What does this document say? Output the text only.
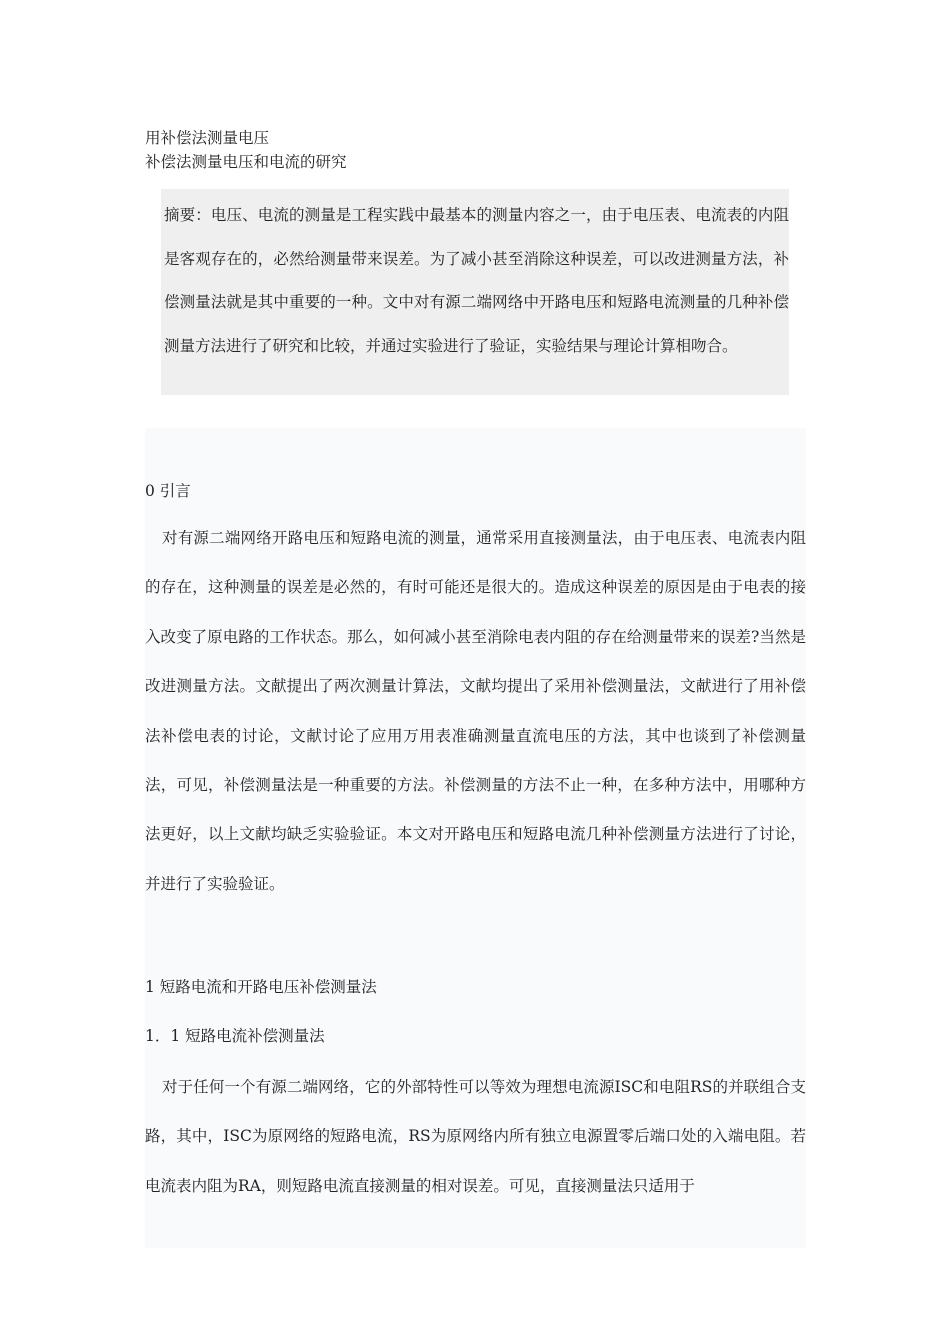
用补偿法测量电压
补偿法测量电压和电流的研究
摘要：电压、电流的测量是工程实践中最基本的测量内容之一，由于电压表、电流表的内阻是客观存在的，必然给测量带来误差。为了减小甚至消除这种误差，可以改进测量方法，补偿测量法就是其中重要的一种。文中对有源二端网络中开路电压和短路电流测量的几种补偿测量方法进行了研究和比较，并通过实验进行了验证，实验结果与理论计算相吻合。
0 引言

对有源二端网络开路电压和短路电流的测量，通常采用直接测量法，由于电压表、电流表内阻的存在，这种测量的误差是必然的，有时可能还是很大的。造成这种误差的原因是由于电表的接入改变了原电路的工作状态。那么，如何减小甚至消除电表内阻的存在给测量带来的误差?当然是改进测量方法。文献提出了两次测量计算法，文献均提出了采用补偿测量法，文献进行了用补偿法补偿电表的讨论，文献讨论了应用万用表准确测量直流电压的方法，其中也谈到了补偿测量法，可见，补偿测量法是一种重要的方法。补偿测量的方法不止一种，在多种方法中，用哪种方法更好，以上文献均缺乏实验验证。本文对开路电压和短路电流几种补偿测量方法进行了讨论，并进行了实验验证。

1 短路电流和开路电压补偿测量法
1．1 短路电流补偿测量法

对于任何一个有源二端网络，它的外部特性可以等效为理想电流源ISC和电阻RS的并联组合支路，其中，ISC为原网络的短路电流，RS为原网络内所有独立电源置零后端口处的入端电阻。若电流表内阻为RA，则短路电流直接测量的相对误差。可见，直接测量法只适用于
